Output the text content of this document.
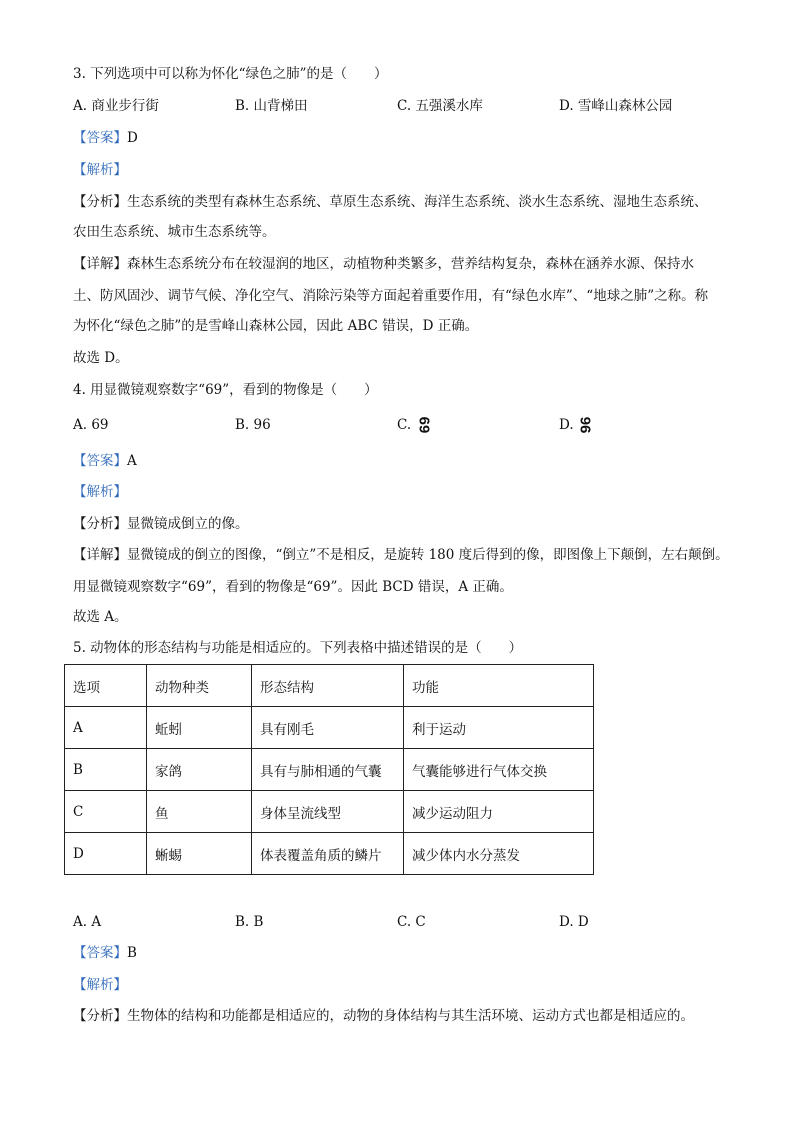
3. 下列选项中可以称为怀化“绿色之肺”的是（　　）
A. 商业步行街	B. 山背梯田	C. 五强溪水库	D. 雪峰山森林公园
【答案】D
【解析】
【分析】生态系统的类型有森林生态系统、草原生态系统、海洋生态系统、淡水生态系统、湿地生态系统、
农田生态系统、城市生态系统等。
【详解】森林生态系统分布在较湿润的地区，动植物种类繁多，营养结构复杂，森林在涵养水源、保持水
土、防风固沙、调节气候、净化空气、消除污染等方面起着重要作用，有“绿色水库”、“地球之肺”之称。称
为怀化“绿色之肺”的是雪峰山森林公园，因此 ABC 错误，D 正确。
故选 D。
4. 用显微镜观察数字“69”，看到的物像是（　　）
A. 69	B. 96	C. 69	D. 96
【答案】A
【解析】
【分析】显微镜成倒立的像。
【详解】显微镜成的倒立的图像，“倒立”不是相反，是旋转 180 度后得到的像，即图像上下颠倒，左右颠倒。
用显微镜观察数字“69”，看到的物像是“69”。因此 BCD 错误，A 正确。
故选 A。
5. 动物体的形态结构与功能是相适应的。下列表格中描述错误的是（　　）
选项	动物种类	形态结构	功能
A	蚯蚓	具有刚毛	利于运动
B	家鸽	具有与肺相通的气囊	气囊能够进行气体交换
C	鱼	身体呈流线型	减少运动阻力
D	蜥蜴	体表覆盖角质的鳞片	减少体内水分蒸发
A. A	B. B	C. C	D. D
【答案】B
【解析】
【分析】生物体的结构和功能都是相适应的，动物的身体结构与其生活环境、运动方式也都是相适应的。
